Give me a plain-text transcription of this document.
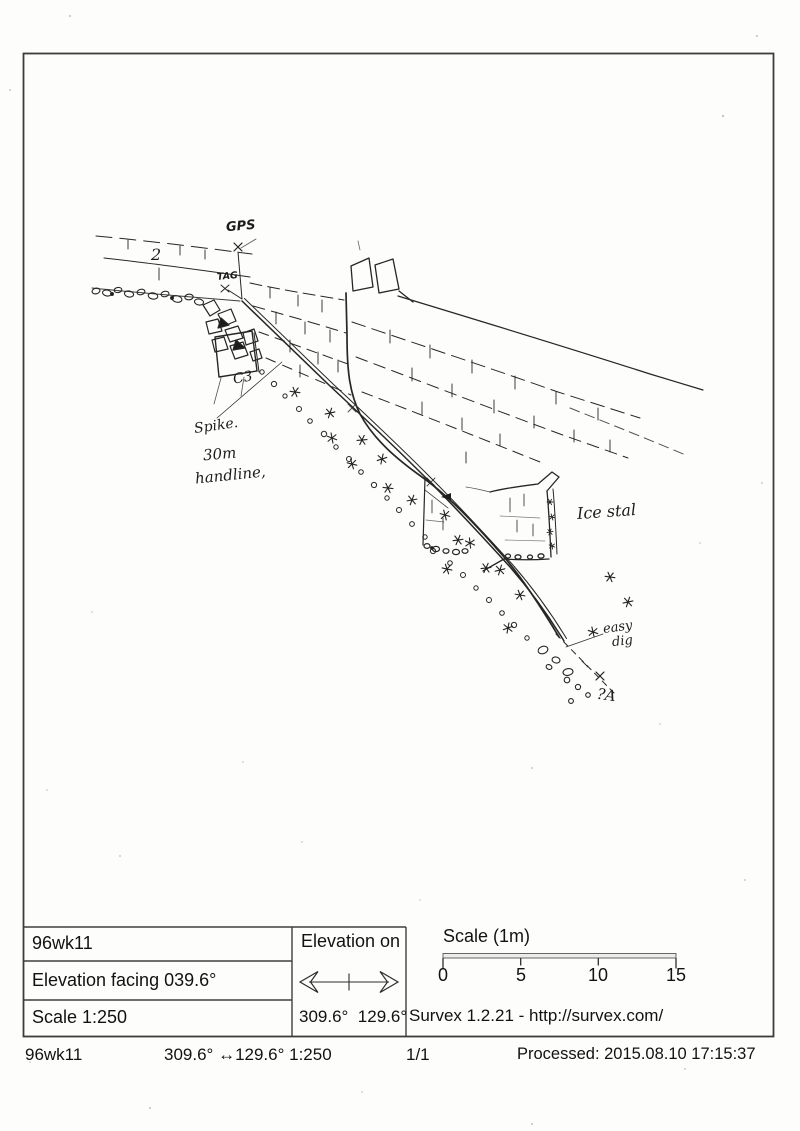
GPS
TAG
2
C3
Spike.
30m
handline,
Ice stal
easy
dig
?A
96wk11
Elevation facing 039.6°
Scale 1:250
Elevation on
309.6°  129.6°
Scale (1m)
0	5	10	15
Survex 1.2.21 - http://survex.com/
96wk11	309.6° ↔129.6° 1:250	1/1	Processed: 2015.08.10 17:15:37
